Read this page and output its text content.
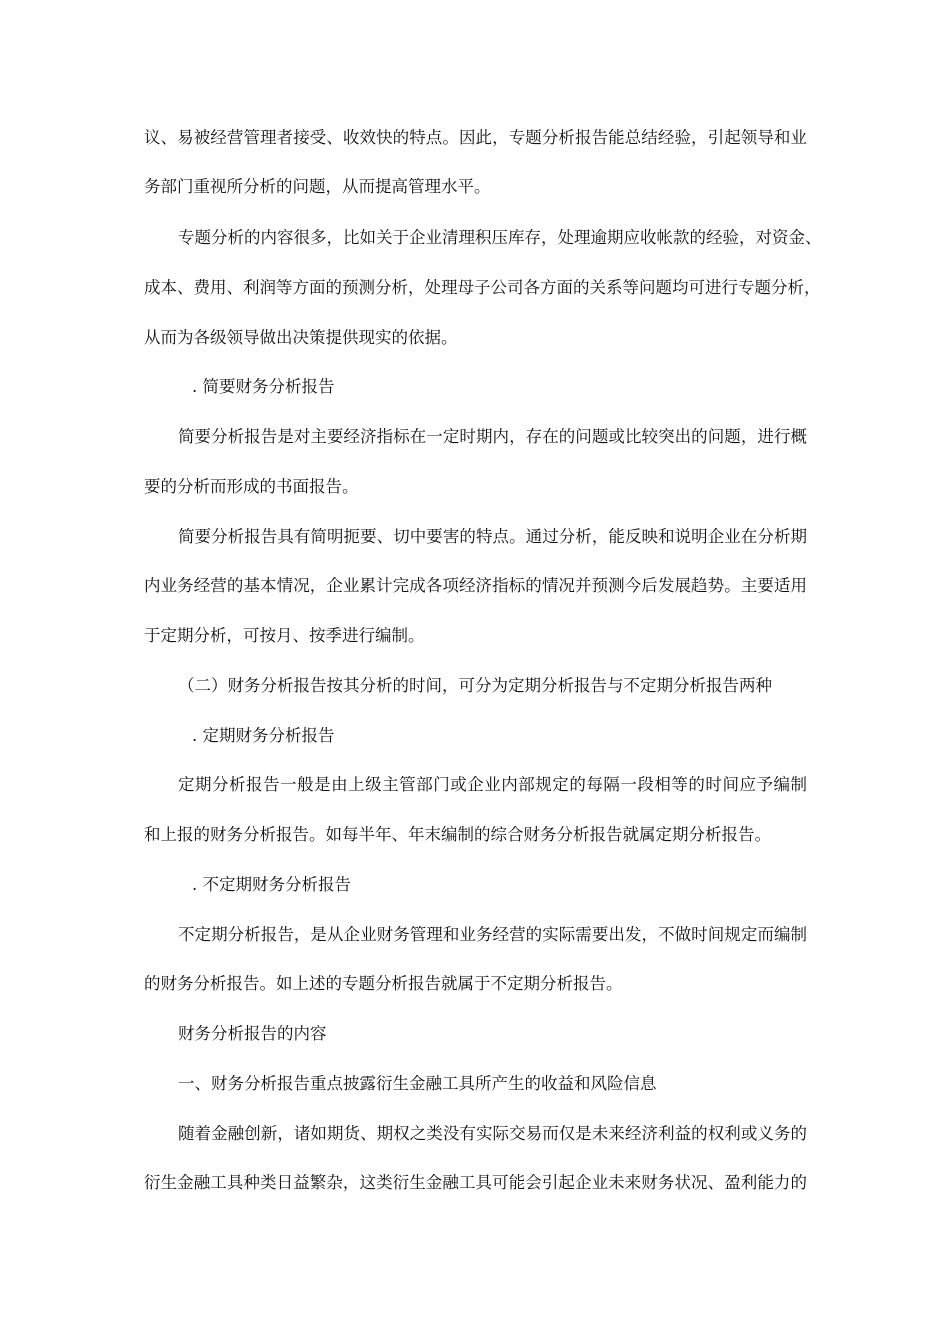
议、易被经营管理者接受、收效快的特点。因此，专题分析报告能总结经验，引起领导和业
务部门重视所分析的问题，从而提高管理水平。
专题分析的内容很多，比如关于企业清理积压库存，处理逾期应收帐款的经验，对资金、
成本、费用、利润等方面的预测分析，处理母子公司各方面的关系等问题均可进行专题分析，
从而为各级领导做出决策提供现实的依据。
. 简要财务分析报告
简要分析报告是对主要经济指标在一定时期内，存在的问题或比较突出的问题，进行概
要的分析而形成的书面报告。
简要分析报告具有简明扼要、切中要害的特点。通过分析，能反映和说明企业在分析期
内业务经营的基本情况，企业累计完成各项经济指标的情况并预测今后发展趋势。主要适用
于定期分析，可按月、按季进行编制。
（二）财务分析报告按其分析的时间，可分为定期分析报告与不定期分析报告两种
. 定期财务分析报告
定期分析报告一般是由上级主管部门或企业内部规定的每隔一段相等的时间应予编制
和上报的财务分析报告。如每半年、年末编制的综合财务分析报告就属定期分析报告。
. 不定期财务分析报告
不定期分析报告，是从企业财务管理和业务经营的实际需要出发，不做时间规定而编制
的财务分析报告。如上述的专题分析报告就属于不定期分析报告。
财务分析报告的内容
一、财务分析报告重点披露衍生金融工具所产生的收益和风险信息
随着金融创新，诸如期货、期权之类没有实际交易而仅是未来经济利益的权利或义务的
衍生金融工具种类日益繁杂，这类衍生金融工具可能会引起企业未来财务状况、盈利能力的
